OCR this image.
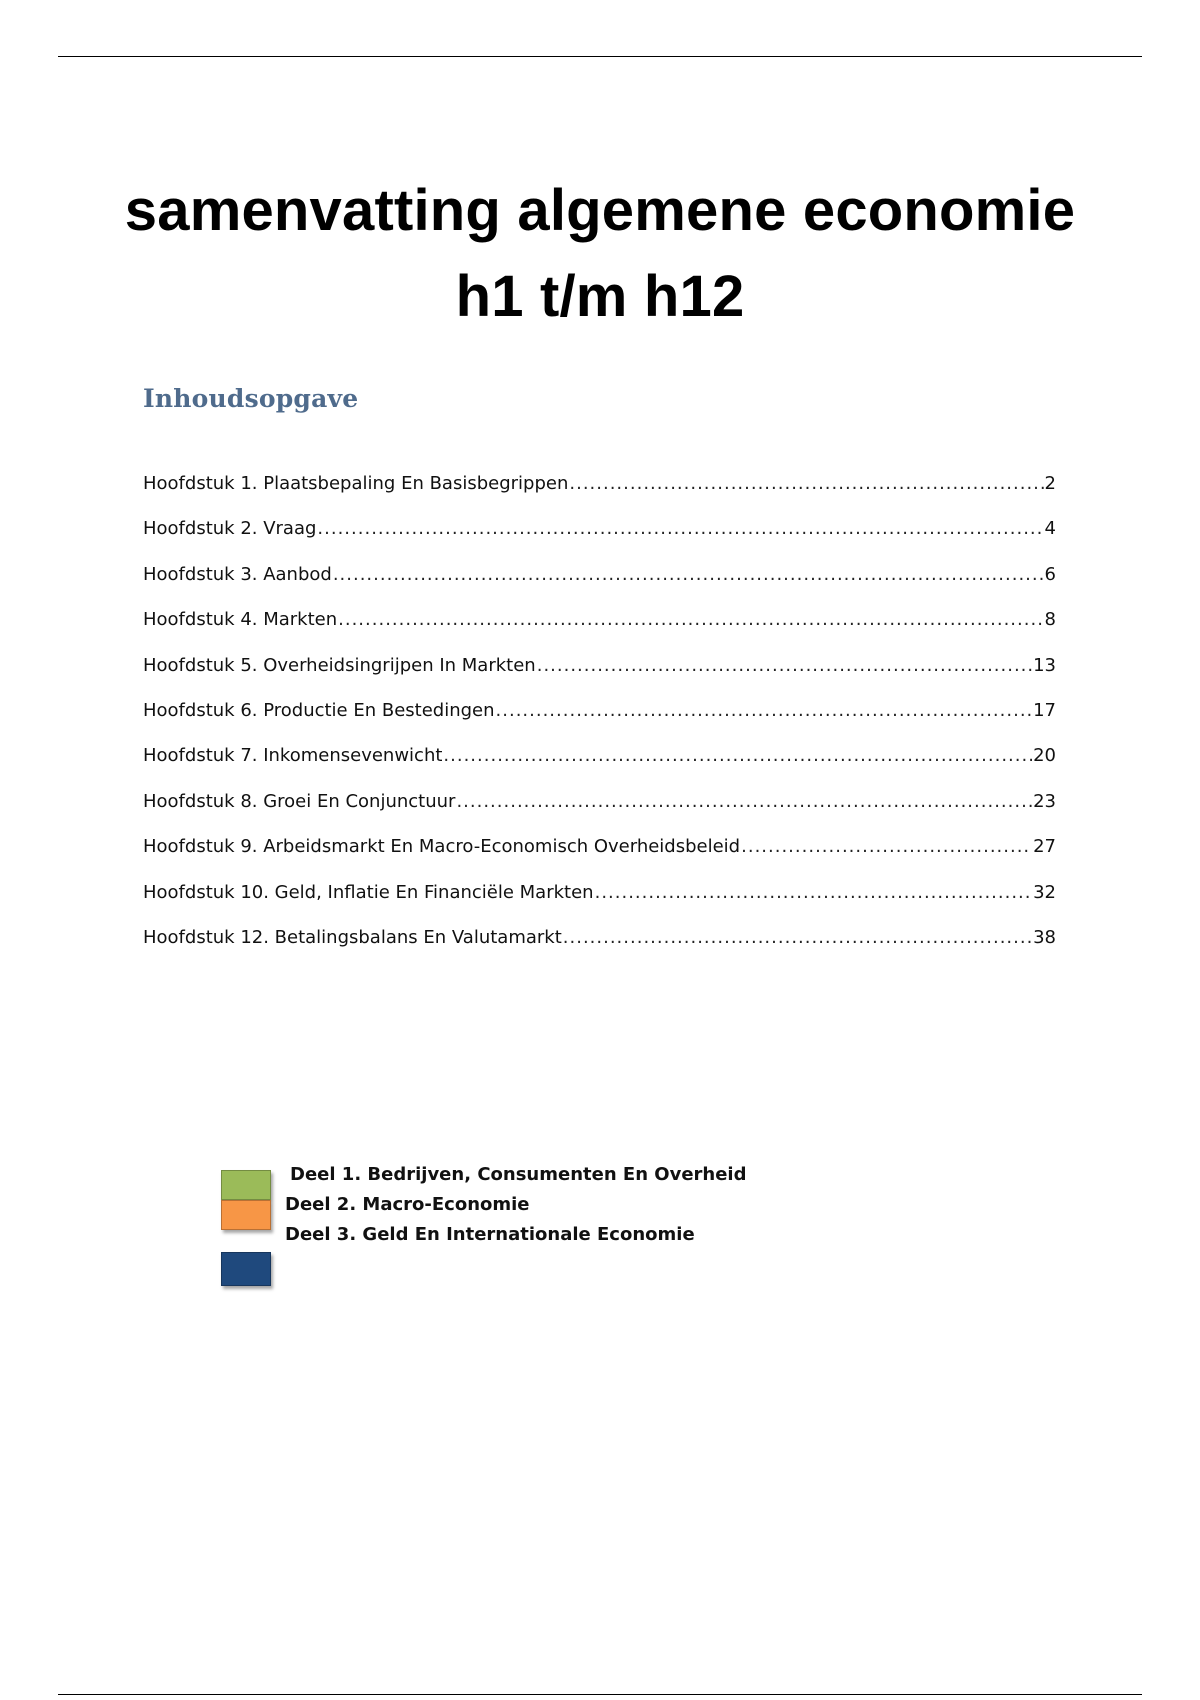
samenvatting algemene economie
h1 t/m h12
Inhoudsopgave
Hoofdstuk 1. Plaatsbepaling En Basisbegrippen .....	2
Hoofdstuk 2. Vraag .....	4
Hoofdstuk 3. Aanbod .....	6
Hoofdstuk 4. Markten .....	8
Hoofdstuk 5. Overheidsingrijpen In Markten .....	13
Hoofdstuk 6. Productie En Bestedingen .....	17
Hoofdstuk 7. Inkomensevenwicht .....	20
Hoofdstuk 8. Groei En Conjunctuur .....	23
Hoofdstuk 9. Arbeidsmarkt En Macro-Economisch Overheidsbeleid .....	27
Hoofdstuk 10. Geld, Inflatie En Financiële Markten .....	32
Hoofdstuk 12. Betalingsbalans En Valutamarkt .....	38
Deel 1. Bedrijven, Consumenten En Overheid
Deel 2. Macro-Economie
Deel 3. Geld En Internationale Economie
